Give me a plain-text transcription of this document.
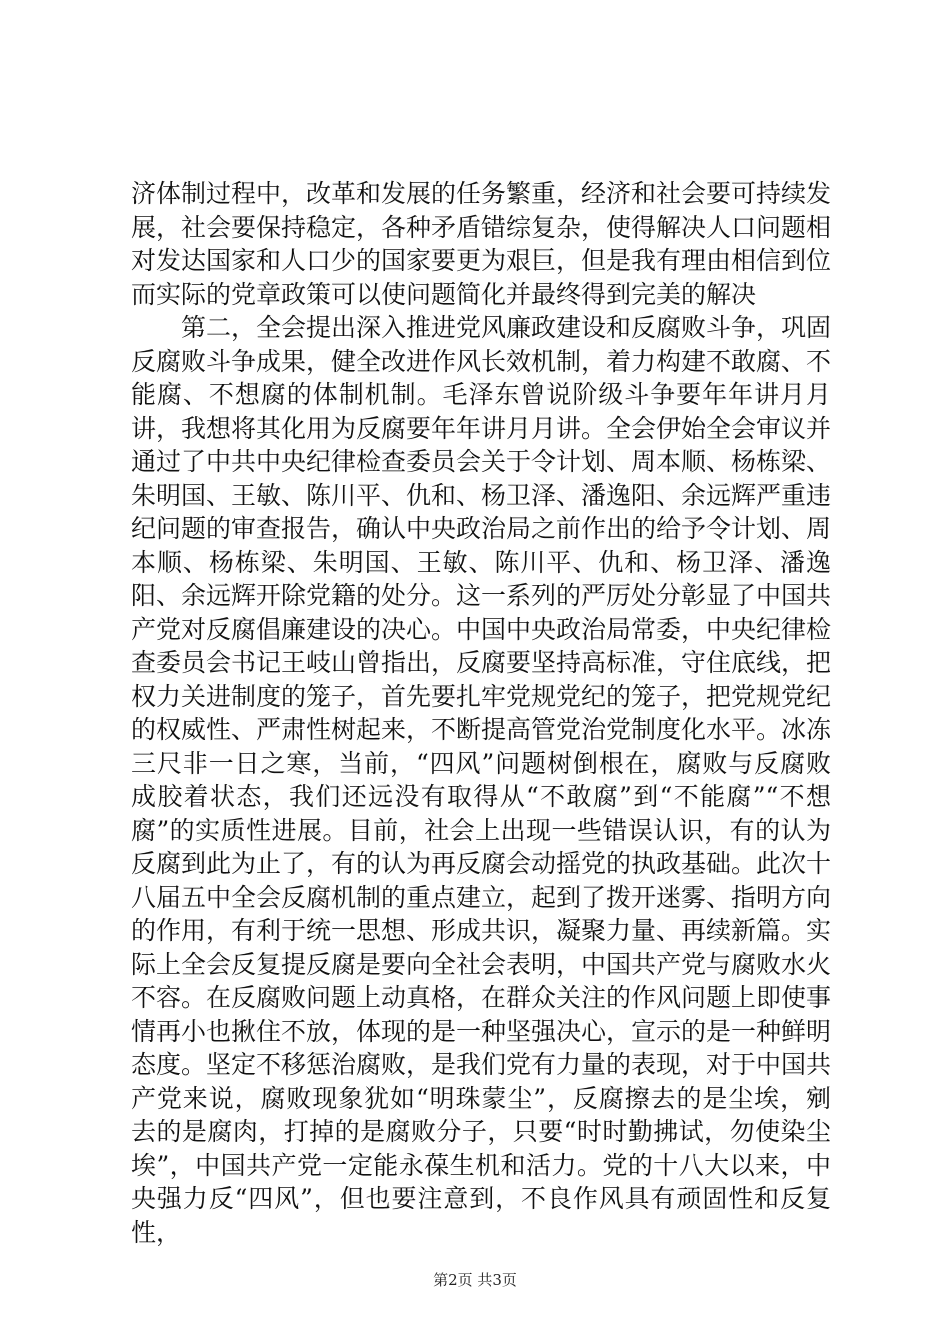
济体制过程中，改革和发展的任务繁重，经济和社会要可持续发展，社会要保持稳定，各种矛盾错综复杂，使得解决人口问题相对发达国家和人口少的国家要更为艰巨，但是我有理由相信到位而实际的党章政策可以使问题简化并最终得到完美的解决

第二，全会提出深入推进党风廉政建设和反腐败斗争，巩固反腐败斗争成果，健全改进作风长效机制，着力构建不敢腐、不能腐、不想腐的体制机制。毛泽东曾说阶级斗争要年年讲月月讲，我想将其化用为反腐要年年讲月月讲。全会伊始全会审议并通过了中共中央纪律检查委员会关于令计划、周本顺、杨栋梁、朱明国、王敏、陈川平、仇和、杨卫泽、潘逸阳、余远辉严重违纪问题的审查报告，确认中央政治局之前作出的给予令计划、周本顺、杨栋梁、朱明国、王敏、陈川平、仇和、杨卫泽、潘逸阳、余远辉开除党籍的处分。这一系列的严厉处分彰显了中国共产党对反腐倡廉建设的决心。中国中央政治局常委，中央纪律检查委员会书记王岐山曾指出，反腐要坚持高标准，守住底线，把权力关进制度的笼子，首先要扎牢党规党纪的笼子，把党规党纪的权威性、严肃性树起来，不断提高管党治党制度化水平。冰冻三尺非一日之寒，当前，“四风”问题树倒根在，腐败与反腐败成胶着状态，我们还远没有取得从“不敢腐”到“不能腐”“不想腐”的实质性进展。目前，社会上出现一些错误认识，有的认为反腐到此为止了，有的认为再反腐会动摇党的执政基础。此次十八届五中全会反腐机制的重点建立，起到了拨开迷雾、指明方向的作用，有利于统一思想、形成共识，凝聚力量、再续新篇。实际上全会反复提反腐是要向全社会表明，中国共产党与腐败水火不容。在反腐败问题上动真格，在群众关注的作风问题上即使事情再小也揪住不放，体现的是一种坚强决心，宣示的是一种鲜明态度。坚定不移惩治腐败，是我们党有力量的表现，对于中国共产党来说，腐败现象犹如“明珠蒙尘”，反腐擦去的是尘埃，剜去的是腐肉，打掉的是腐败分子，只要“时时勤拂试，勿使染尘埃”，中国共产党一定能永葆生机和活力。党的十八大以来，中央强力反“四风”，但也要注意到，不良作风具有顽固性和反复性，

第2页 共3页
